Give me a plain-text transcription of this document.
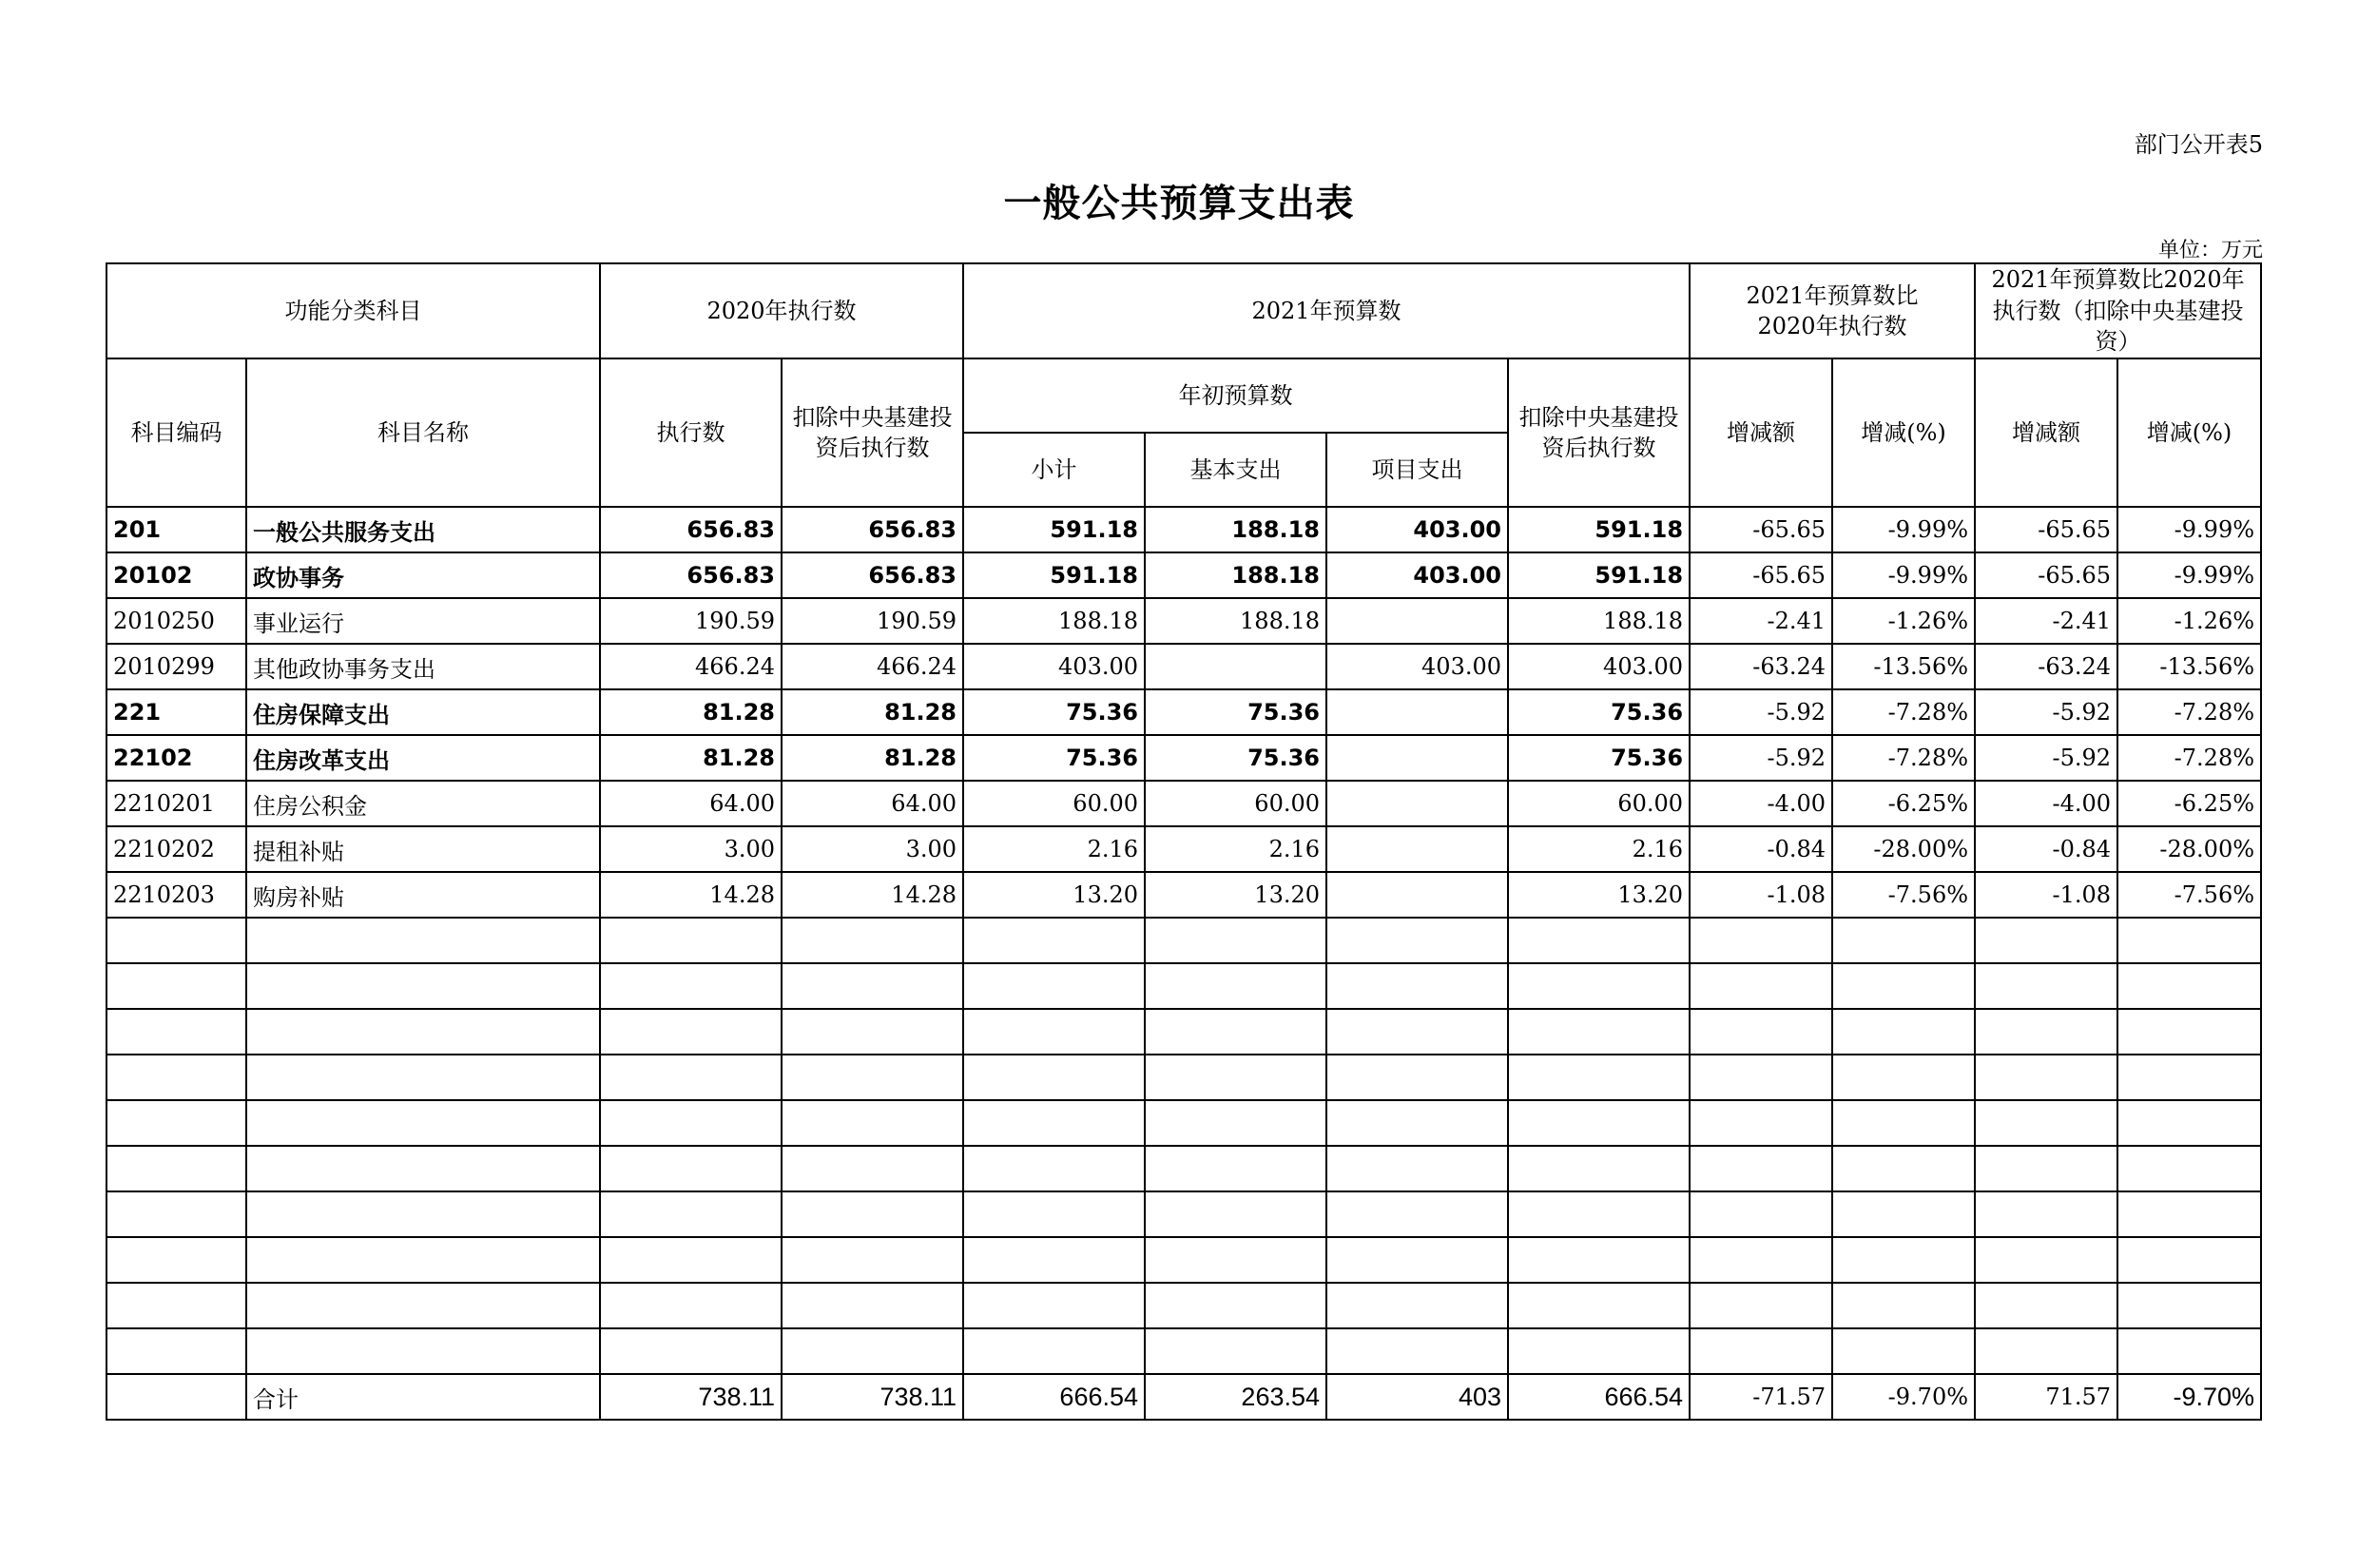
部门公开表5
一般公共预算支出表
单位：万元
功能分类科目		2020年执行数		2021年预算数				2021年预算数比2020年执行数		2021年预算数比2020年执行数（扣除中央基建投资）	
科目编码	科目名称	执行数	扣除中央基建投资后执行数	年初预算数			扣除中央基建投资后执行数	增减额	增减(%)	增减额	增减(%)
				小计	基本支出	项目支出					
201	一般公共服务支出	656.83	656.83	591.18	188.18	403.00	591.18	-65.65	-9.99%	-65.65	-9.99%
20102	政协事务	656.83	656.83	591.18	188.18	403.00	591.18	-65.65	-9.99%	-65.65	-9.99%
2010250	事业运行	190.59	190.59	188.18	188.18		188.18	-2.41	-1.26%	-2.41	-1.26%
2010299	其他政协事务支出	466.24	466.24	403.00		403.00	403.00	-63.24	-13.56%	-63.24	-13.56%
221	住房保障支出	81.28	81.28	75.36	75.36		75.36	-5.92	-7.28%	-5.92	-7.28%
22102	住房改革支出	81.28	81.28	75.36	75.36		75.36	-5.92	-7.28%	-5.92	-7.28%
2210201	住房公积金	64.00	64.00	60.00	60.00		60.00	-4.00	-6.25%	-4.00	-6.25%
2210202	提租补贴	3.00	3.00	2.16	2.16		2.16	-0.84	-28.00%	-0.84	-28.00%
2210203	购房补贴	14.28	14.28	13.20	13.20		13.20	-1.08	-7.56%	-1.08	-7.56%

	合计	738.11	738.11	666.54	263.54	403	666.54	-71.57	-9.70%	71.57	-9.70%
